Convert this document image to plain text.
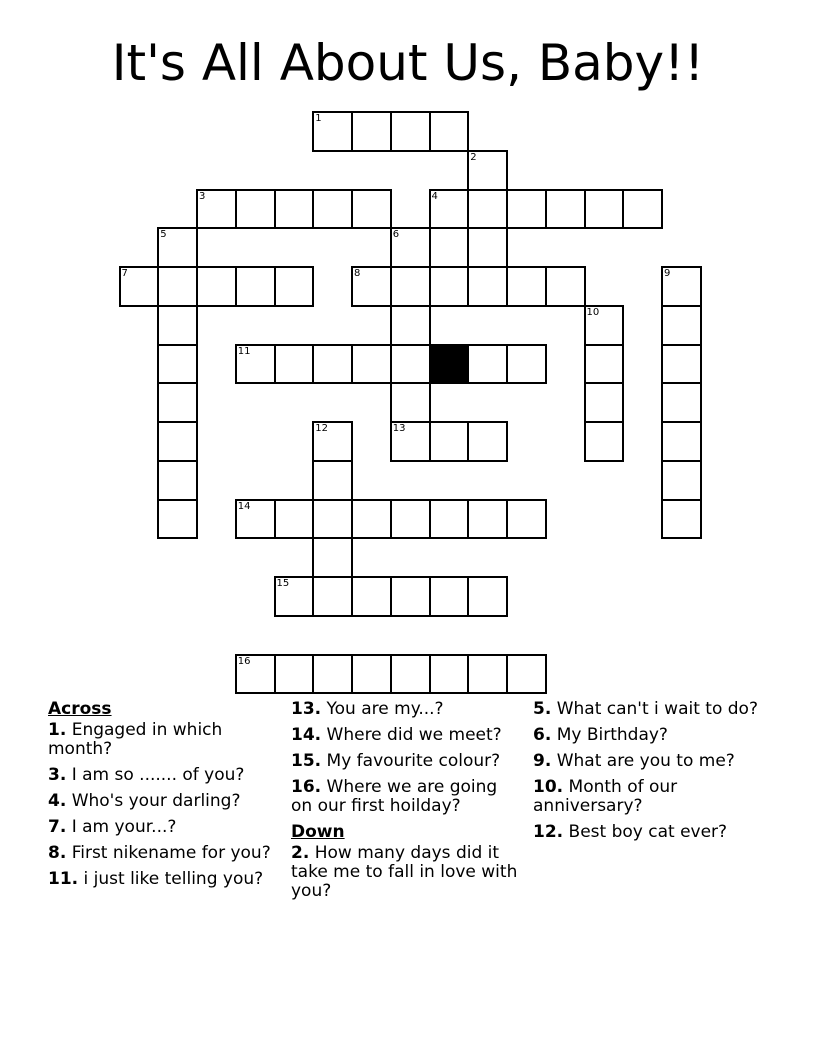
It's All About Us, Baby!!
1
2
3	4
5	6
13
7	8	9
10
11
12
14
15
16
Across
1. Engaged in which month?
3. I am so ....... of you?
4. Who's your darling?
7. I am your...?
8. First nikename for you?
11. i just like telling you?
13. You are my...?
14. Where did we meet?
15. My favourite colour?
16. Where we are going on our first hoilday?
Down
2. How many days did it take me to fall in love with you?
5. What can't i wait to do?
6. My Birthday?
9. What are you to me?
10. Month of our anniversary?
12. Best boy cat ever?
